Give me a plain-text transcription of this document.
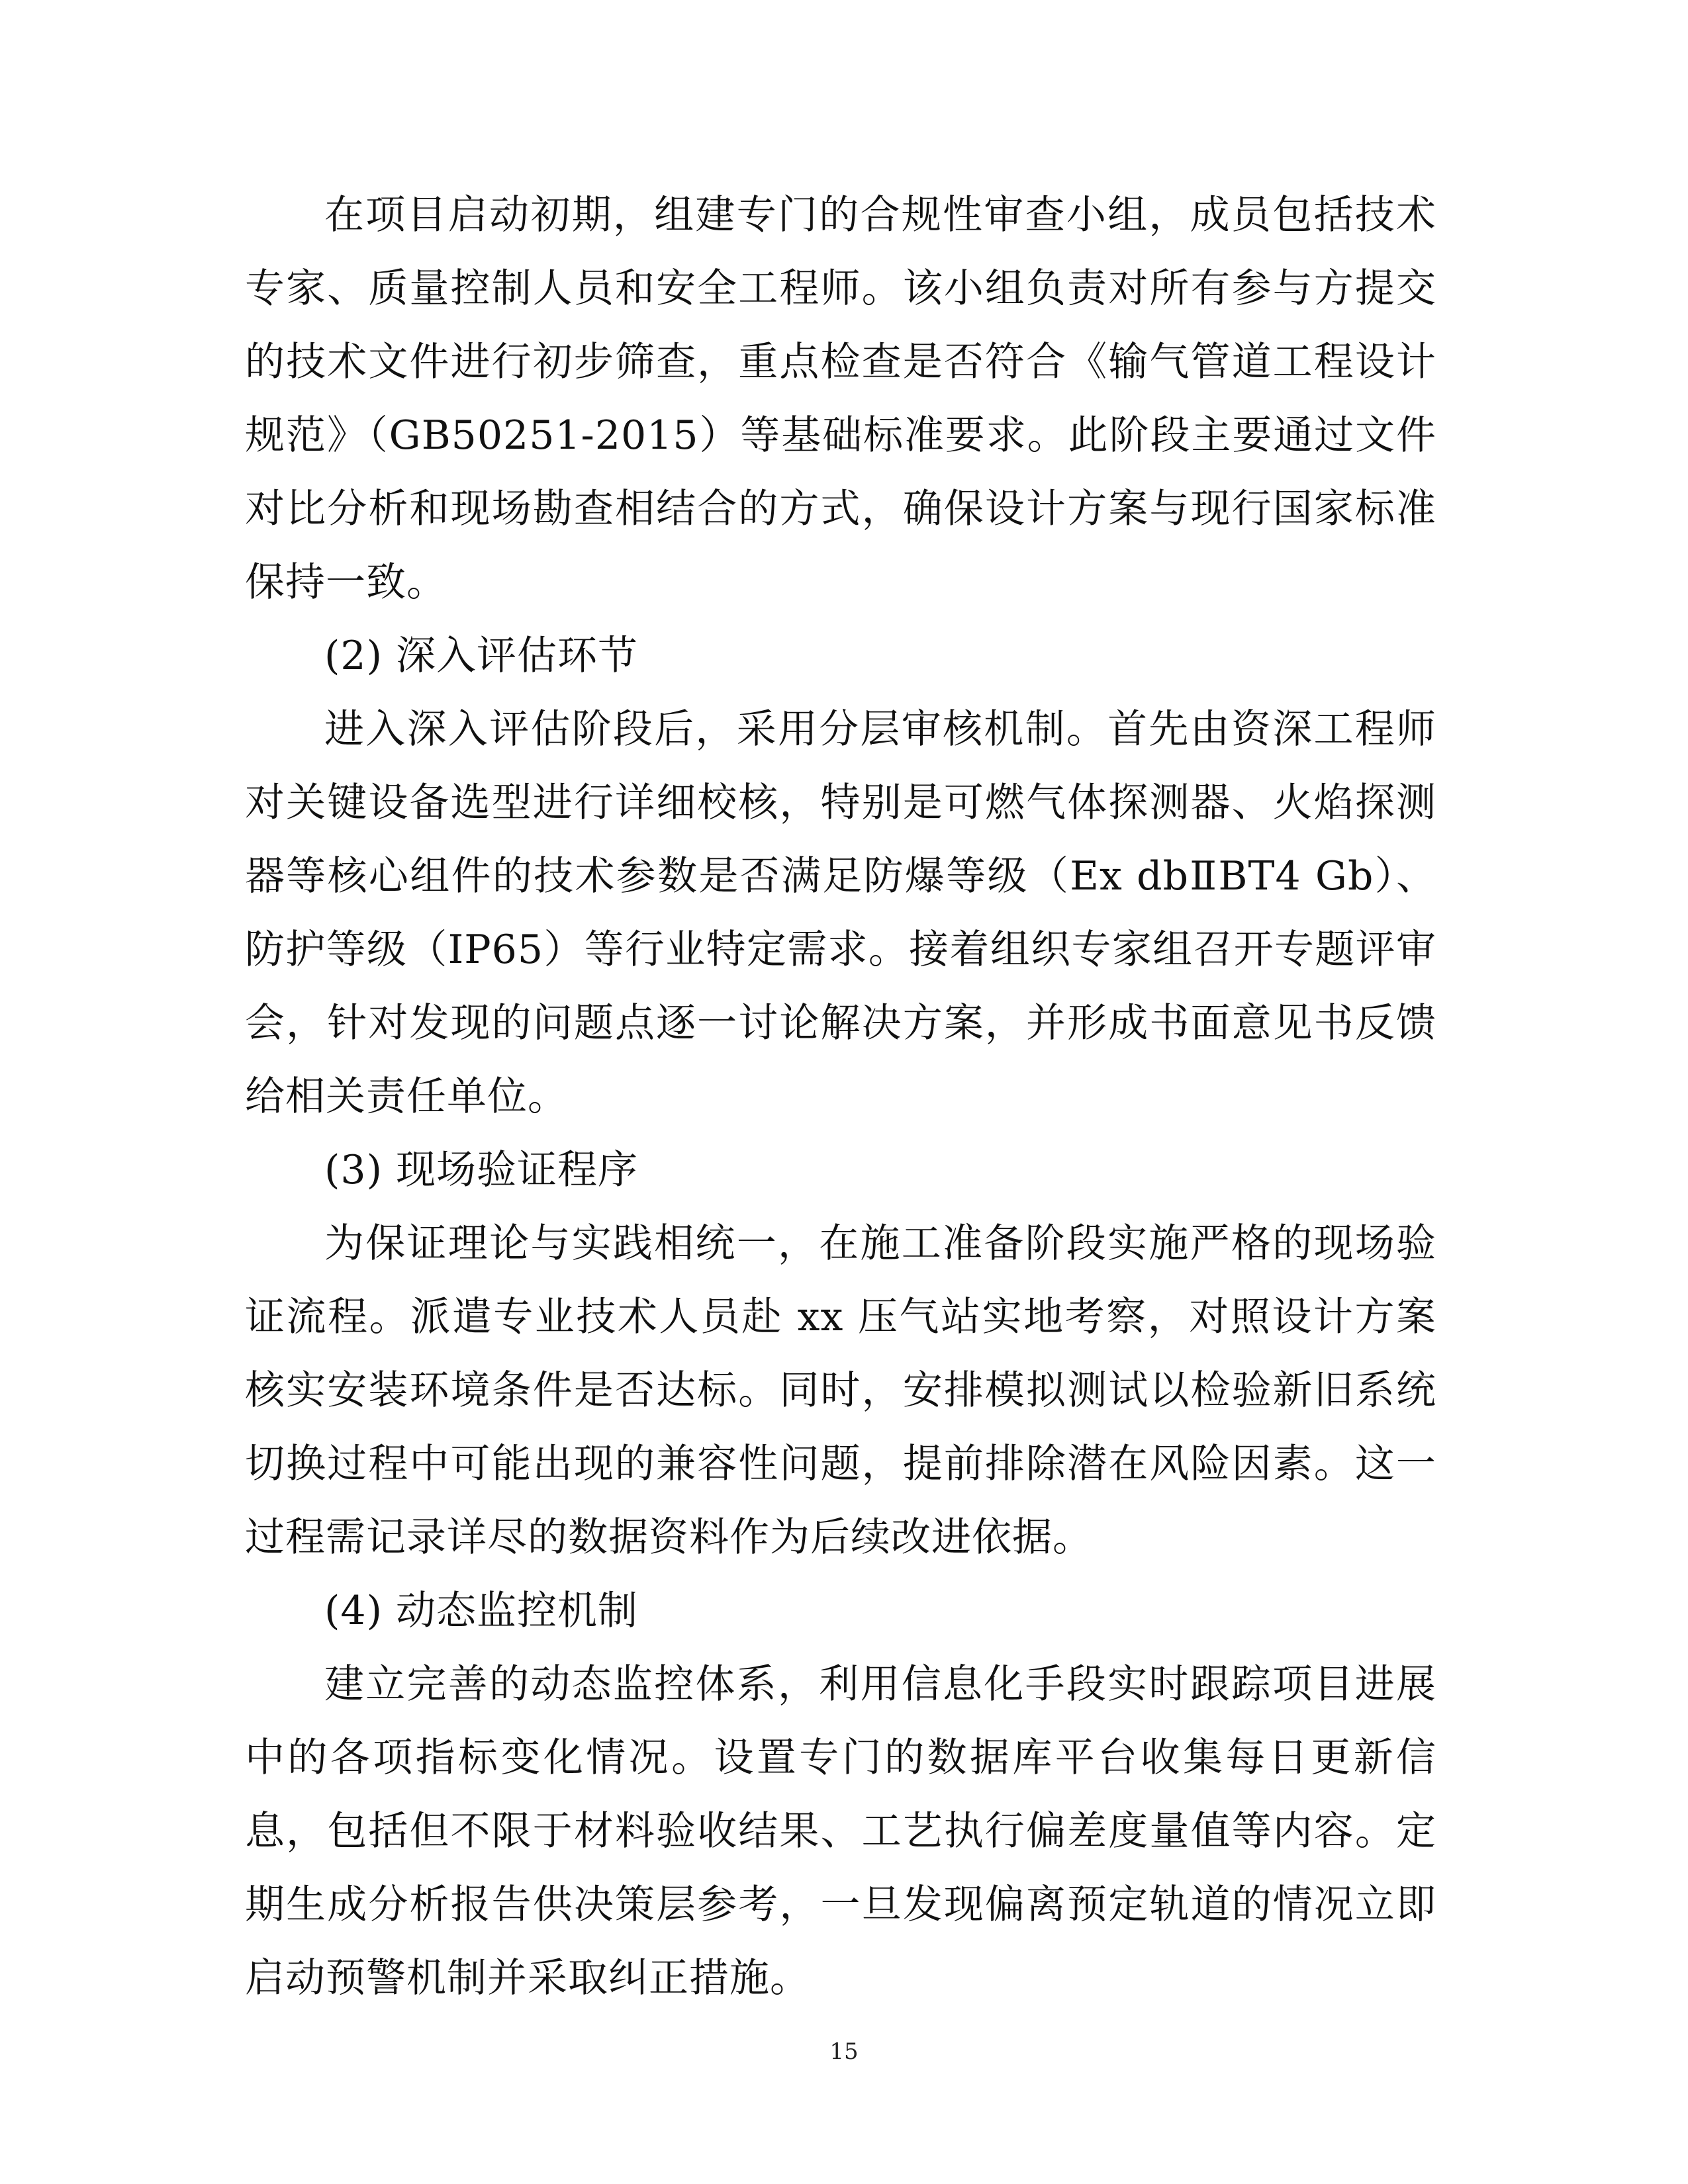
在项目启动初期，组建专门的合规性审查小组，成员包括技术专家、质量控制人员和安全工程师。该小组负责对所有参与方提交的技术文件进行初步筛查，重点检查是否符合《输气管道工程设计规范》（GB50251-2015）等基础标准要求。此阶段主要通过文件对比分析和现场勘查相结合的方式，确保设计方案与现行国家标准保持一致。

(2) 深入评估环节

进入深入评估阶段后，采用分层审核机制。首先由资深工程师对关键设备选型进行详细校核，特别是可燃气体探测器、火焰探测器等核心组件的技术参数是否满足防爆等级（Ex dbⅡBT4 Gb）、防护等级（IP65）等行业特定需求。接着组织专家组召开专题评审会，针对发现的问题点逐一讨论解决方案，并形成书面意见书反馈给相关责任单位。

(3) 现场验证程序

为保证理论与实践相统一，在施工准备阶段实施严格的现场验证流程。派遣专业技术人员赴 xx 压气站实地考察，对照设计方案核实安装环境条件是否达标。同时，安排模拟测试以检验新旧系统切换过程中可能出现的兼容性问题，提前排除潜在风险因素。这一过程需记录详尽的数据资料作为后续改进依据。

(4) 动态监控机制

建立完善的动态监控体系，利用信息化手段实时跟踪项目进展中的各项指标变化情况。设置专门的数据库平台收集每日更新信息，包括但不限于材料验收结果、工艺执行偏差度量值等内容。定期生成分析报告供决策层参考，一旦发现偏离预定轨道的情况立即启动预警机制并采取纠正措施。

15
